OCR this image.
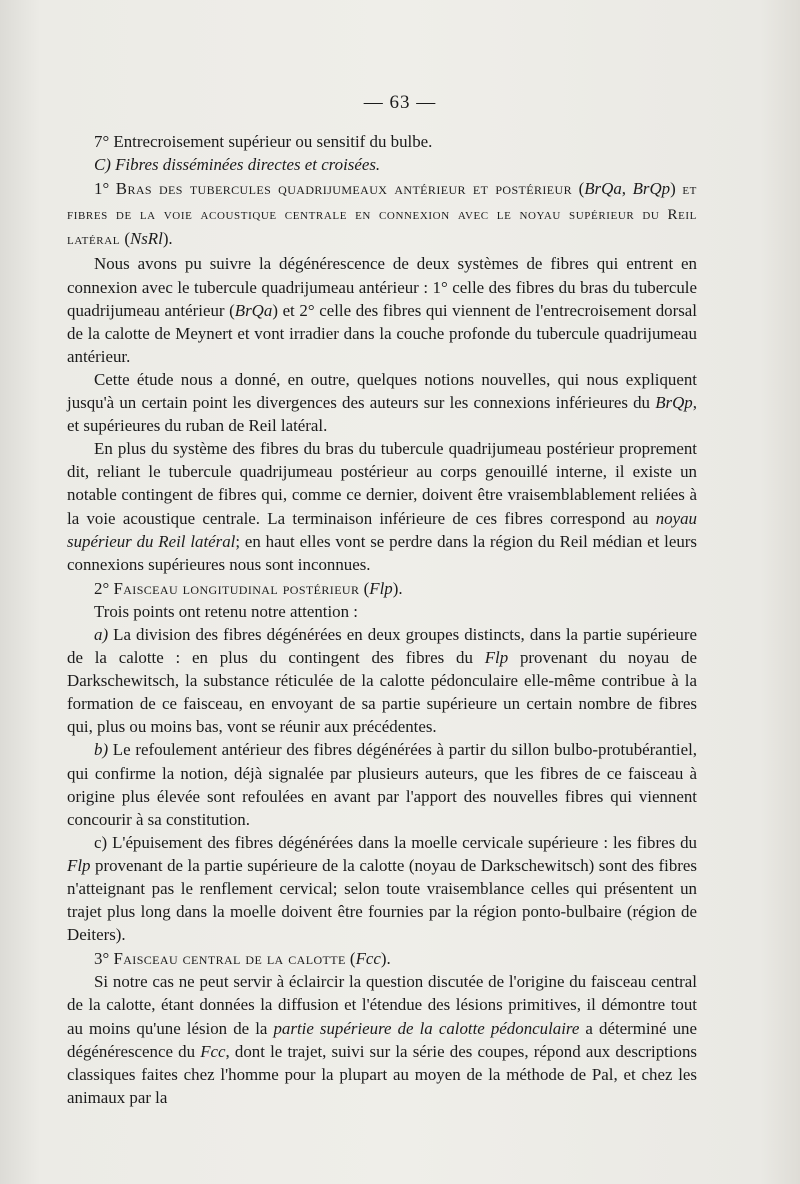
— 63 —

7° Entrecroisement supérieur ou sensitif du bulbe.

C) Fibres disséminées directes et croisées.

1° Bras des tubercules quadrijumeaux antérieur et postérieur (BrQa, BrQp) et fibres de la voie acoustique centrale en connexion avec le noyau supérieur du Reil latéral (NsRl).

Nous avons pu suivre la dégénérescence de deux systèmes de fibres qui entrent en connexion avec le tubercule quadrijumeau antérieur : 1° celle des fibres du bras du tubercule quadrijumeau antérieur (BrQa) et 2° celle des fibres qui viennent de l'entrecroisement dorsal de la calotte de Meynert et vont irradier dans la couche profonde du tubercule quadrijumeau antérieur.

Cette étude nous a donné, en outre, quelques notions nouvelles, qui nous expliquent jusqu'à un certain point les divergences des auteurs sur les connexions inférieures du BrQp, et supérieures du ruban de Reil latéral.

En plus du système des fibres du bras du tubercule quadrijumeau postérieur proprement dit, reliant le tubercule quadrijumeau postérieur au corps genouillé interne, il existe un notable contingent de fibres qui, comme ce dernier, doivent être vraisemblablement reliées à la voie acoustique centrale. La terminaison inférieure de ces fibres correspond au noyau supérieur du Reil latéral; en haut elles vont se perdre dans la région du Reil médian et leurs connexions supérieures nous sont inconnues.

2° Faisceau longitudinal postérieur (Flp).

Trois points ont retenu notre attention :

a) La division des fibres dégénérées en deux groupes distincts, dans la partie supérieure de la calotte : en plus du contingent des fibres du Flp provenant du noyau de Darkschewitsch, la substance réticulée de la calotte pédonculaire elle-même contribue à la formation de ce faisceau, en envoyant de sa partie supérieure un certain nombre de fibres qui, plus ou moins bas, vont se réunir aux précédentes.

b) Le refoulement antérieur des fibres dégénérées à partir du sillon bulbo-protubérantiel, qui confirme la notion, déjà signalée par plusieurs auteurs, que les fibres de ce faisceau à origine plus élevée sont refoulées en avant par l'apport des nouvelles fibres qui viennent concourir à sa constitution.

c) L'épuisement des fibres dégénérées dans la moelle cervicale supérieure : les fibres du Flp provenant de la partie supérieure de la calotte (noyau de Darkschewitsch) sont des fibres n'atteignant pas le renflement cervical; selon toute vraisemblance celles qui présentent un trajet plus long dans la moelle doivent être fournies par la région ponto-bulbaire (région de Deiters).

3° Faisceau central de la calotte (Fcc).

Si notre cas ne peut servir à éclaircir la question discutée de l'origine du faisceau central de la calotte, étant données la diffusion et l'étendue des lésions primitives, il démontre tout au moins qu'une lésion de la partie supérieure de la calotte pédonculaire a déterminé une dégénérescence du Fcc, dont le trajet, suivi sur la série des coupes, répond aux descriptions classiques faites chez l'homme pour la plupart au moyen de la méthode de Pal, et chez les animaux par la
